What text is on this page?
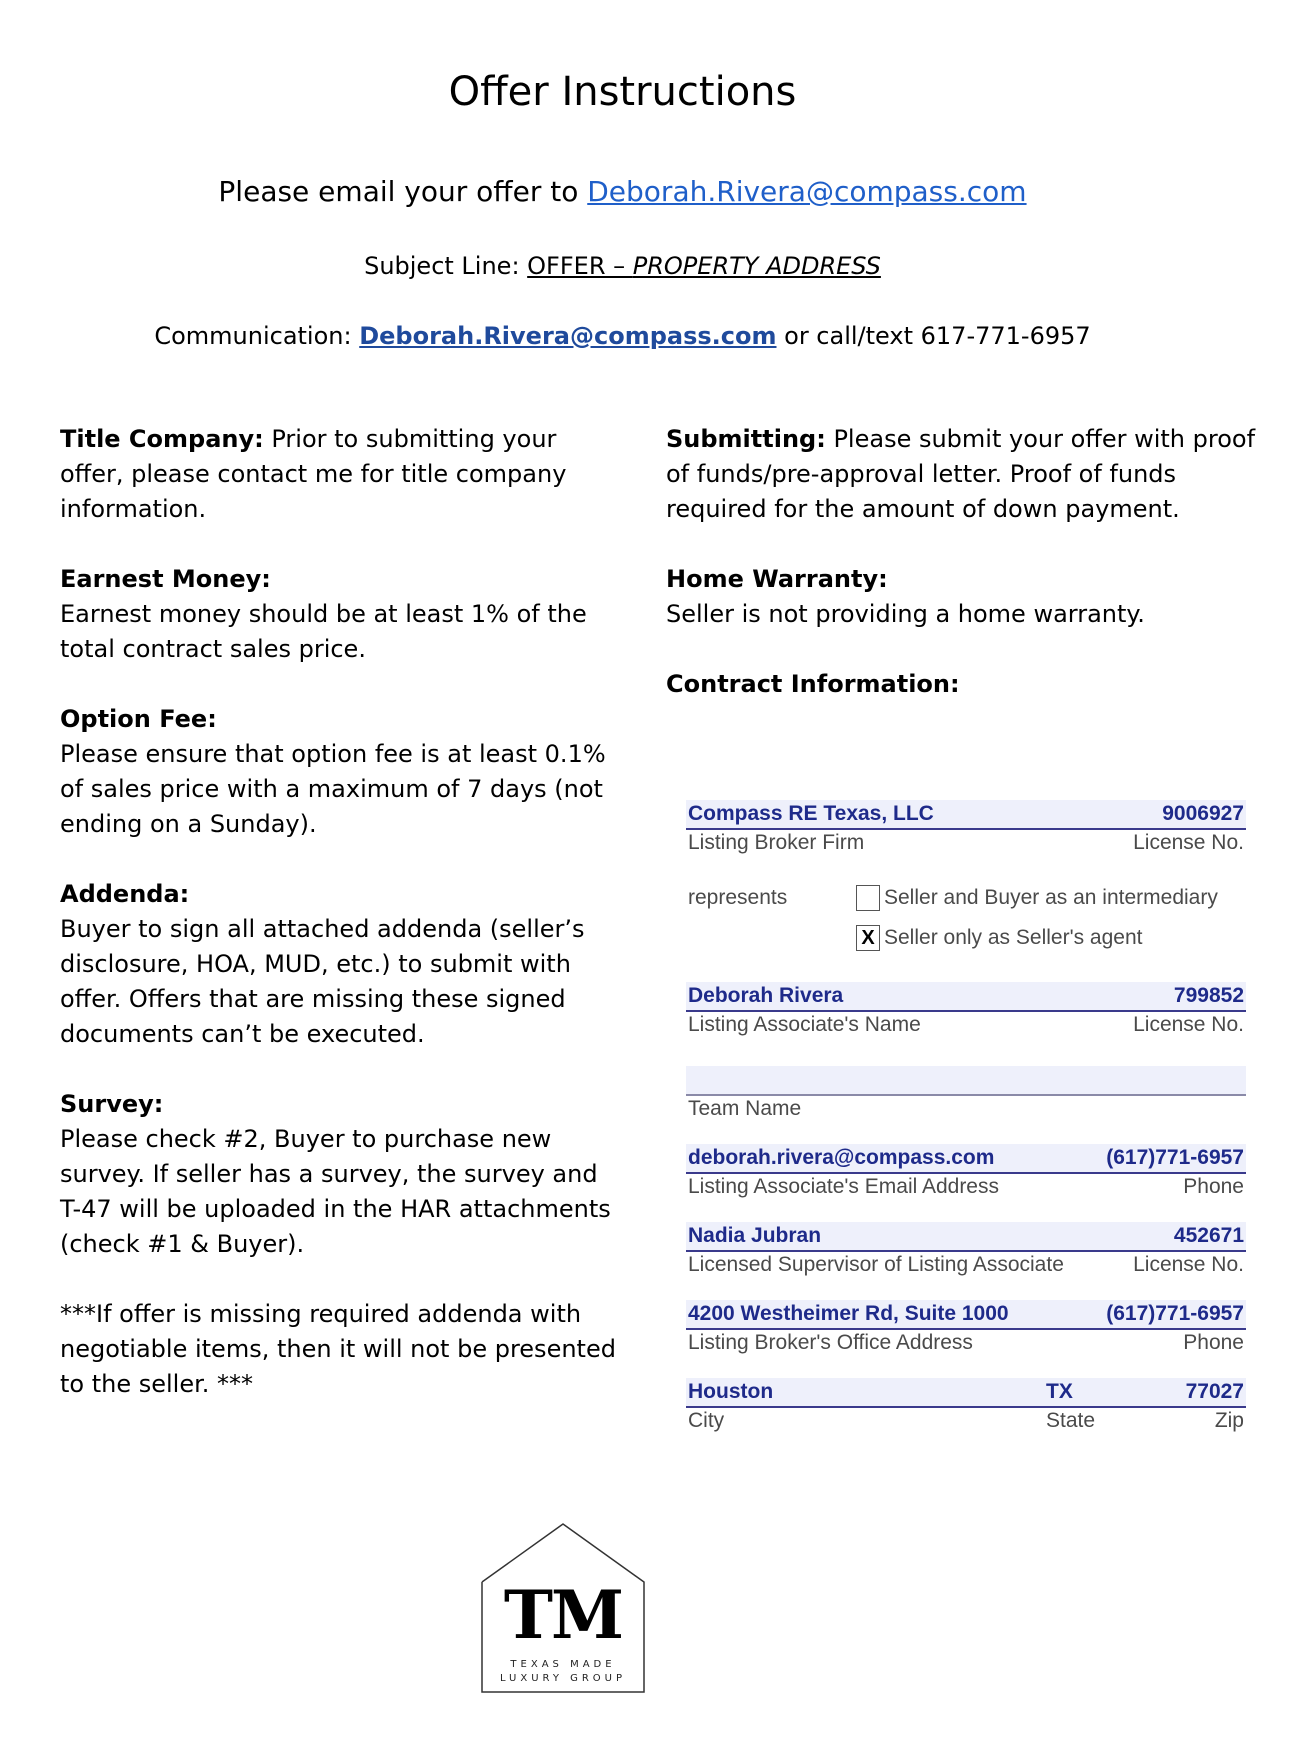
Offer Instructions
Please email your offer to Deborah.Rivera@compass.com
Subject Line: OFFER – PROPERTY ADDRESS
Communication: Deborah.Rivera@compass.com or call/text 617-771-6957
Title Company: Prior to submitting your offer, please contact me for title company information.
Earnest Money:
Earnest money should be at least 1% of the total contract sales price.
Option Fee:
Please ensure that option fee is at least 0.1% of sales price with a maximum of 7 days (not ending on a Sunday).
Addenda:
Buyer to sign all attached addenda (seller’s disclosure, HOA, MUD, etc.) to submit with offer. Offers that are missing these signed documents can’t be executed.
Survey:
Please check #2, Buyer to purchase new survey. If seller has a survey, the survey and T-47 will be uploaded in the HAR attachments (check #1 & Buyer).
***If offer is missing required addenda with negotiable items, then it will not be presented to the seller. ***
Submitting: Please submit your offer with proof of funds/pre-approval letter. Proof of funds required for the amount of down payment.
Home Warranty:
Seller is not providing a home warranty.
Contract Information:
Compass RE Texas, LLC	9006927
Listing Broker Firm	License No.
represents	Seller and Buyer as an intermediary
X Seller only as Seller's agent
Deborah Rivera	799852
Listing Associate's Name	License No.
Team Name
deborah.rivera@compass.com	(617)771-6957
Listing Associate's Email Address	Phone
Nadia Jubran	452671
Licensed Supervisor of Listing Associate	License No.
4200 Westheimer Rd, Suite 1000	(617)771-6957
Listing Broker's Office Address	Phone
Houston	TX	77027
City	State	Zip
TM
TEXAS MADE
LUXURY GROUP
